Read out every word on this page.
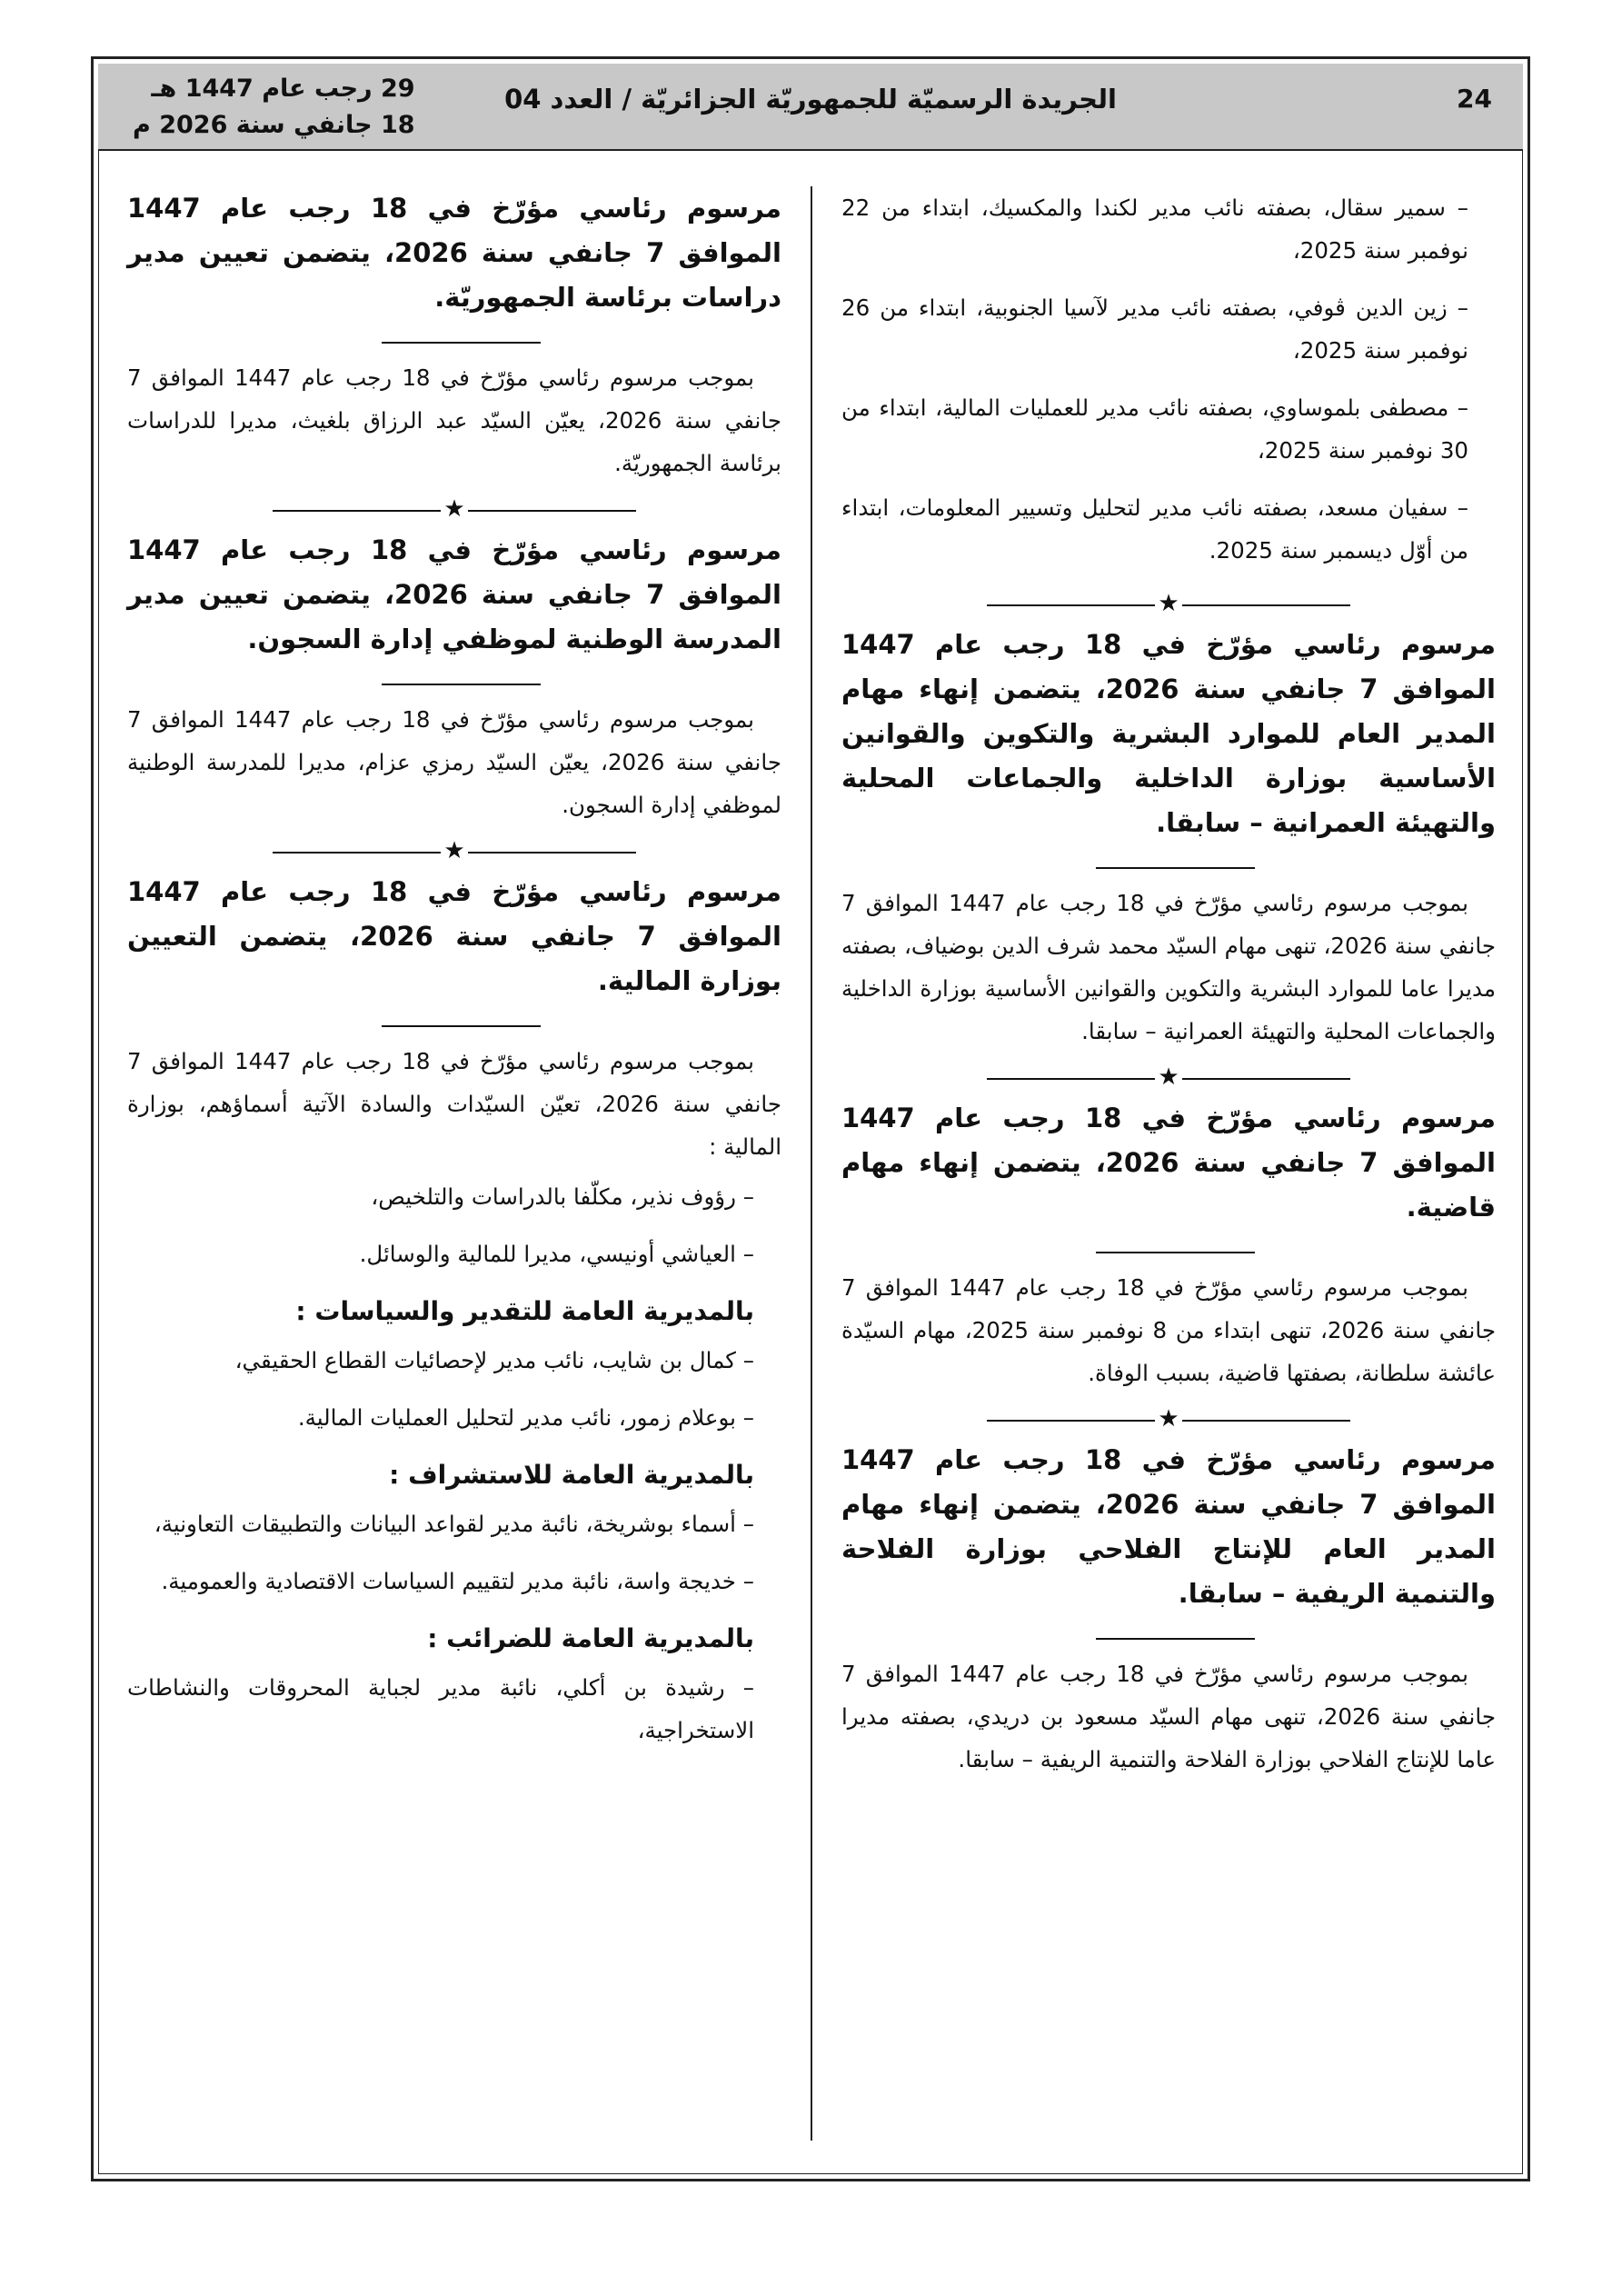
24
الجريدة الرسميّة للجمهوريّة الجزائريّة / العدد 04
29 رجب عام 1447 هـ
18 جانفي سنة 2026 م

– سمير سقال، بصفته نائب مدير لكندا والمكسيك، ابتداء من 22 نوفمبر سنة 2025،

– زين الدين ڤوفي، بصفته نائب مدير لآسيا الجنوبية، ابتداء من 26 نوفمبر سنة 2025،

– مصطفى بلموساوي، بصفته نائب مدير للعمليات المالية، ابتداء من 30 نوفمبر سنة 2025،

– سفيان مسعد، بصفته نائب مدير لتحليل وتسيير المعلومات، ابتداء من أوّل ديسمبر سنة 2025.

★

مرسوم رئاسي مؤرّخ في 18 رجب عام 1447 الموافق 7 جانفي سنة 2026، يتضمن إنهاء مهام المدير العام للموارد البشرية والتكوين والقوانين الأساسية بوزارة الداخلية والجماعات المحلية والتهيئة العمرانية – سابقا.

بموجب مرسوم رئاسي مؤرّخ في 18 رجب عام 1447 الموافق 7 جانفي سنة 2026، تنهى مهام السيّد محمد شرف الدين بوضياف، بصفته مديرا عاما للموارد البشرية والتكوين والقوانين الأساسية بوزارة الداخلية والجماعات المحلية والتهيئة العمرانية – سابقا.

★

مرسوم رئاسي مؤرّخ في 18 رجب عام 1447 الموافق 7 جانفي سنة 2026، يتضمن إنهاء مهام قاضية.

بموجب مرسوم رئاسي مؤرّخ في 18 رجب عام 1447 الموافق 7 جانفي سنة 2026، تنهى ابتداء من 8 نوفمبر سنة 2025، مهام السيّدة عائشة سلطانة، بصفتها قاضية، بسبب الوفاة.

★

مرسوم رئاسي مؤرّخ في 18 رجب عام 1447 الموافق 7 جانفي سنة 2026، يتضمن إنهاء مهام المدير العام للإنتاج الفلاحي بوزارة الفلاحة والتنمية الريفية – سابقا.

بموجب مرسوم رئاسي مؤرّخ في 18 رجب عام 1447 الموافق 7 جانفي سنة 2026، تنهى مهام السيّد مسعود بن دريدي، بصفته مديرا عاما للإنتاج الفلاحي بوزارة الفلاحة والتنمية الريفية – سابقا.

مرسوم رئاسي مؤرّخ في 18 رجب عام 1447 الموافق 7 جانفي سنة 2026، يتضمن تعيين مدير دراسات برئاسة الجمهوريّة.

بموجب مرسوم رئاسي مؤرّخ في 18 رجب عام 1447 الموافق 7 جانفي سنة 2026، يعيّن السيّد عبد الرزاق بلغيث، مديرا للدراسات برئاسة الجمهوريّة.

★

مرسوم رئاسي مؤرّخ في 18 رجب عام 1447 الموافق 7 جانفي سنة 2026، يتضمن تعيين مدير المدرسة الوطنية لموظفي إدارة السجون.

بموجب مرسوم رئاسي مؤرّخ في 18 رجب عام 1447 الموافق 7 جانفي سنة 2026، يعيّن السيّد رمزي عزام، مديرا للمدرسة الوطنية لموظفي إدارة السجون.

★

مرسوم رئاسي مؤرّخ في 18 رجب عام 1447 الموافق 7 جانفي سنة 2026، يتضمن التعيين بوزارة المالية.

بموجب مرسوم رئاسي مؤرّخ في 18 رجب عام 1447 الموافق 7 جانفي سنة 2026، تعيّن السيّدات والسادة الآتية أسماؤهم، بوزارة المالية :

– رؤوف نذير، مكلّفا بالدراسات والتلخيص،

– العياشي أونيسي، مديرا للمالية والوسائل.

بالمديرية العامة للتقدير والسياسات :

– كمال بن شايب، نائب مدير لإحصائيات القطاع الحقيقي،

– بوعلام زمور، نائب مدير لتحليل العمليات المالية.

بالمديرية العامة للاستشراف :

– أسماء بوشريخة، نائبة مدير لقواعد البيانات والتطبيقات التعاونية،

– خديجة واسة، نائبة مدير لتقييم السياسات الاقتصادية والعمومية.

بالمديرية العامة للضرائب :

– رشيدة بن أكلي، نائبة مدير لجباية المحروقات والنشاطات الاستخراجية،
